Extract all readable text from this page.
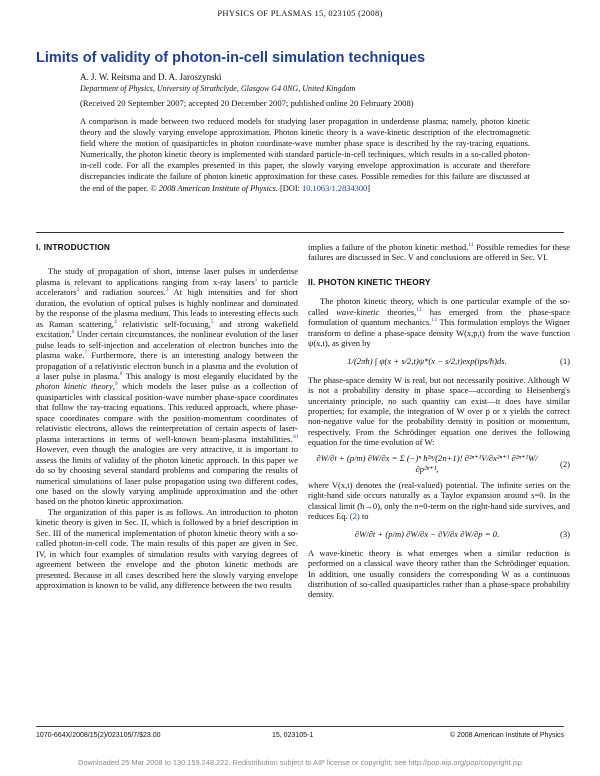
PHYSICS OF PLASMAS 15, 023105 (2008)
Limits of validity of photon-in-cell simulation techniques
A. J. W. Reitsma and D. A. Jaroszynski
Department of Physics, University of Strathclyde, Glasgow G4 0NG, United Kingdom
(Received 20 September 2007; accepted 20 December 2007; published online 20 February 2008)
A comparison is made between two reduced models for studying laser propagation in underdense plasma; namely, photon kinetic theory and the slowly varying envelope approximation. Photon kinetic theory is a wave-kinetic description of the electromagnetic field where the motion of quasiparticles in photon coordinate-wave number phase space is described by the ray-tracing equations. Numerically, the photon kinetic theory is implemented with standard particle-in-cell techniques, which results in a so-called photon-in-cell code. For all the examples presented in this paper, the slowly varying envelope approximation is accurate and therefore discrepancies indicate the failure of photon kinetic approximation for these cases. Possible remedies for this failure are discussed at the end of the paper. © 2008 American Institute of Physics. [DOI: 10.1063/1.2834300]
I. INTRODUCTION

The study of propagation of short, intense laser pulses in underdense plasma is relevant to applications ranging from x-ray lasers$^1$ to particle accelerators$^2$ and radiation sources.$^3$ At high intensities and for short duration, the evolution of optical pulses is highly nonlinear and dominated by the response of the plasma medium. This leads to interesting effects such as Raman scattering,$^4$ relativistic self-focusing,$^5$ and strong wakefield excitation.$^6$ Under certain circumstances, the nonlinear evolution of the laser pulse leads to self-injection and acceleration of electron bunches into the plasma wake.$^7$ Furthermore, there is an interesting analogy between the propagation of a relativistic electron bunch in a plasma and the evolution of a laser pulse in plasma.$^8$ This analogy is most elegantly elucidated by the photon kinetic theory,$^9$ which models the laser pulse as a collection of quasiparticles with classical position-wave number phase-space coordinates that follow the ray-tracing equations. This reduced approach, where phase-space coordinates compare with the position-momentum coordinates of relativistic electrons, allows the reinterpretation of certain aspects of laser-plasma interactions in terms of well-known beam-plasma instabilities.$^{10}$ However, even though the analogies are very attractive, it is important to assess the limits of validity of the photon kinetic approach. In this paper we do so by choosing several standard problems and comparing the results of numerical simulations of laser pulse propagation using two different codes, one based on the slowly varying amplitude approximation and the other based on the photon kinetic approximation.

The organization of this paper is as follows. An introduction to photon kinetic theory is given in Sec. II, which is followed by a brief description in Sec. III of the numerical implementation of photon kinetic theory with a so-called photon-in-cell code. The main results of this paper are given in Sec. IV, in which four examples of simulation results with varying degrees of agreement between the envelope and the photon kinetic methods are presented. Because in all cases described here the slowly varying envelope approximation is known to be valid, any difference between the two results

implies a failure of the photon kinetic method.$^{11}$ Possible remedies for these failures are discussed in Sec. V and conclusions are offered in Sec. VI.

II. PHOTON KINETIC THEORY

The photon kinetic theory, which is one particular example of the so-called wave-kinetic theories,$^{12}$ has emerged from the phase-space formulation of quantum mechanics.$^{13}$ This formulation employs the Wigner transform to define a phase-space density W(x,p,t) from the wave function ψ(x,t), as given by

1/(2πħ) ∫ ψ(x + s/2,t)ψ*(x − s/2,t)exp(ips/ħ)ds.	(1)

The phase-space density W is real, but not necessarily positive. Although W is not a probability density in phase space—according to Heisenberg's uncertainty principle, no such quantity can exist—it does have similar properties; for example, the integration of W over p or x yields the correct non-negative value for the probability density in position or momentum, respectively. From the Schrödinger equation one derives the following equation for the time evolution of W:

∂W/∂t + (p/m) ∂W/∂x = Σ (−)ⁿ ħ²ⁿ/(2n+1)! ∂²ⁿ⁺¹V/∂x²ⁿ⁺¹ ∂²ⁿ⁺¹W/∂p²ⁿ⁺¹,
(2)

where V(x,t) denotes the (real-valued) potential. The infinite series on the right-hand side occurs naturally as a Taylor expansion around s=0. In the classical limit (ħ→0), only the n=0-term on the right-hand side survives, and reduces Eq. (2) to

∂W/∂t + (p/m) ∂W/∂x − ∂V/∂x ∂W/∂p = 0.	(3)

A wave-kinetic theory is what emerges when a similar reduction is performed on a classical wave theory rather than the Schrödinger equation. In addition, one usually considers the corresponding W as a continuous distribution of so-called quasiparticles rather than a phase-space probability density.

1070-664X/2008/15(2)/023105/7/$23.00	15, 023105-1	© 2008 American Institute of Physics
Downloaded 25 Mar 2008 to 130.159.248.222. Redistribution subject to AIP license or copyright; see http://pop.aip.org/pop/copyright.jsp
